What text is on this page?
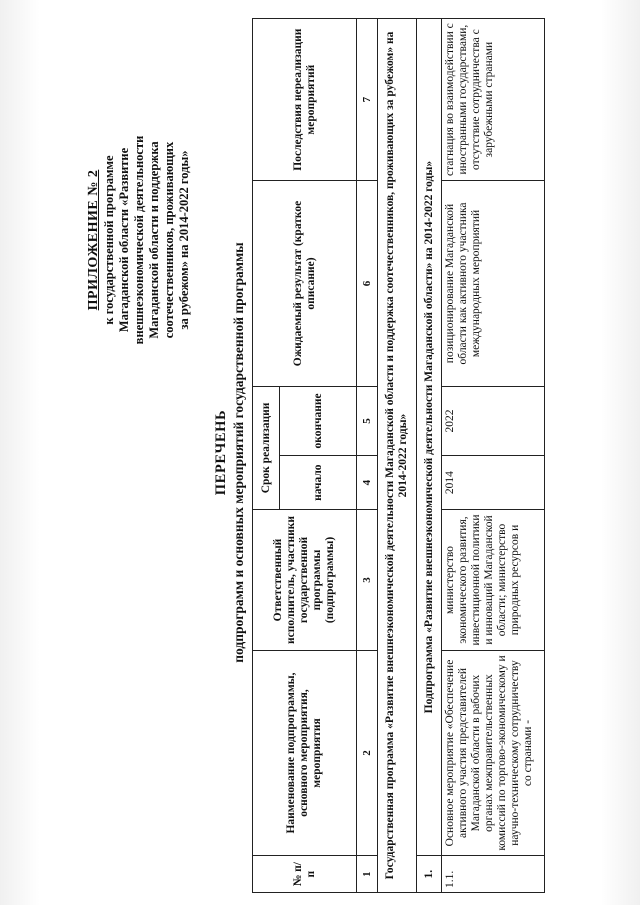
ПРИЛОЖЕНИЕ № 2 к государственной программе Магаданской области «Развитие внешнеэкономической деятельности Магаданской области и поддержка соотечественников, проживающих за рубежом» на 2014-2022 годы»
ПЕРЕЧЕНЬ подпрограмм и основных мероприятий государственной программы
№ п/п	Наименование подпрограммы, основного мероприятия, мероприятия	Ответственный исполнитель, участники государственной программы (подпрограммы)	Срок реализации		Ожидаемый результат (краткое описание)	Последствия нереализации мероприятий
			начало	окончание		
1	2	3	4	5	6	7
Государственная программа «Развитие внешнеэкономической деятельности Магаданской области и поддержка соотечественников, проживающих за рубежом» на 2014-2022 годы»						
1.	Подпрограмма «Развитие внешнеэкономической деятельности Магаданской области» на 2014-2022 годы»					
1.1.	Основное мероприятие «Обеспечение активного участия представителей Магаданской области в рабочих органах межправительственных комиссий по торгово-экономическому и научно-техническому сотрудничеству со странами -	министерство экономического развития, инвестиционной политики и инноваций Магаданской области; министерство природных ресурсов и	2014	2022	позиционирование Магаданской области как активного участника международных мероприятий	стагнация во взаимодействии с иностранными государствами, отсутствие сотрудничества с зарубежными странами
